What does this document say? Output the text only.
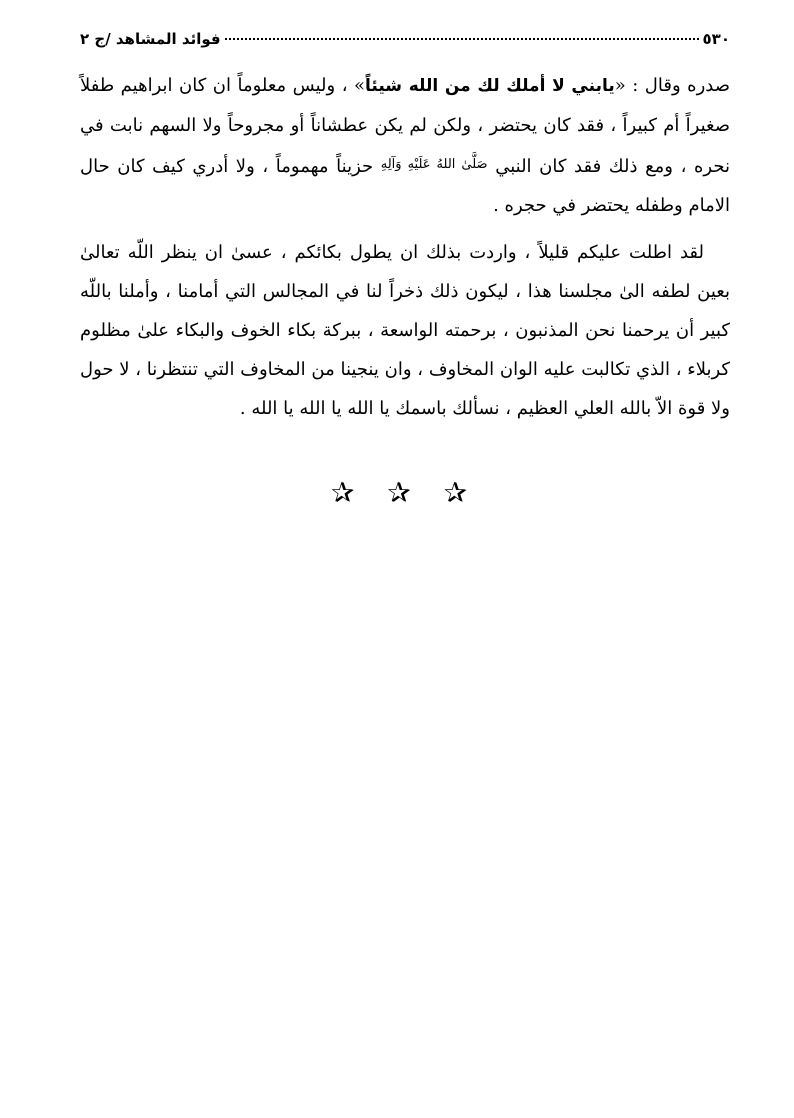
٥٣٠
فوائد المشاهد /ج ٢

صدره وقال : «يابني لا أملك لك من الله شيئاً» ، وليس معلوماً ان كان ابراهيم طفلاً صغيراً أم كبيراً ، فقد كان يحتضر ، ولكن لم يكن عطشاناً أو مجروحاً ولا السهم نابت في نحره ، ومع ذلك فقد كان النبي $^{صَلَّىٰ اللهُ عَلَيْهِ وَآلِهِ}$ حزيناً مهموماً ، ولا أدري كيف كان حال الامام وطفله يحتضر في حجره .

لقد اطلت عليكم قليلاً ، واردت بذلك ان يطول بكائكم ، عسىٰ ان ينظر اللّه تعالىٰ بعين لطفه الىٰ مجلسنا هذا ، ليكون ذلك ذخراً لنا في المجالس التي أمامنا ، وأملنا باللّه كبير أن يرحمنا نحن المذنبون ، برحمته الواسعة ، ببركة بكاء الخوف والبكاء علىٰ مظلوم كربلاء ، الذي تكالبت عليه الوان المخاوف ، وان ينجينا من المخاوف التي تنتظرنا ، لا حول ولا قوة الاّ بالله العلي العظيم ، نسألك باسمك يا الله يا الله يا الله .

✰ ✰ ✰
